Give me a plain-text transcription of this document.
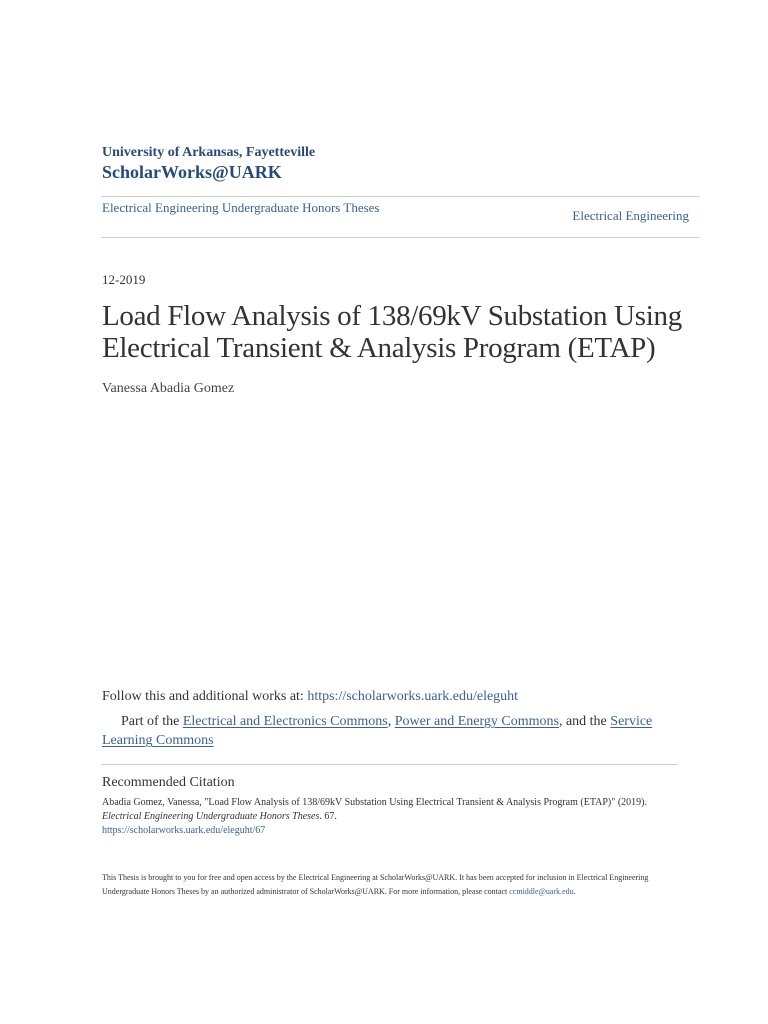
University of Arkansas, Fayetteville
ScholarWorks@UARK
Electrical Engineering Undergraduate Honors Theses
Electrical Engineering
12-2019
Load Flow Analysis of 138/69kV Substation Using Electrical Transient & Analysis Program (ETAP)
Vanessa Abadia Gomez
Follow this and additional works at: https://scholarworks.uark.edu/eleguht
Part of the Electrical and Electronics Commons, Power and Energy Commons, and the Service Learning Commons
Recommended Citation
Abadia Gomez, Vanessa, "Load Flow Analysis of 138/69kV Substation Using Electrical Transient & Analysis Program (ETAP)" (2019). Electrical Engineering Undergraduate Honors Theses. 67.
https://scholarworks.uark.edu/eleguht/67
This Thesis is brought to you for free and open access by the Electrical Engineering at ScholarWorks@UARK. It has been accepted for inclusion in Electrical Engineering Undergraduate Honors Theses by an authorized administrator of ScholarWorks@UARK. For more information, please contact ccmiddle@uark.edu.
